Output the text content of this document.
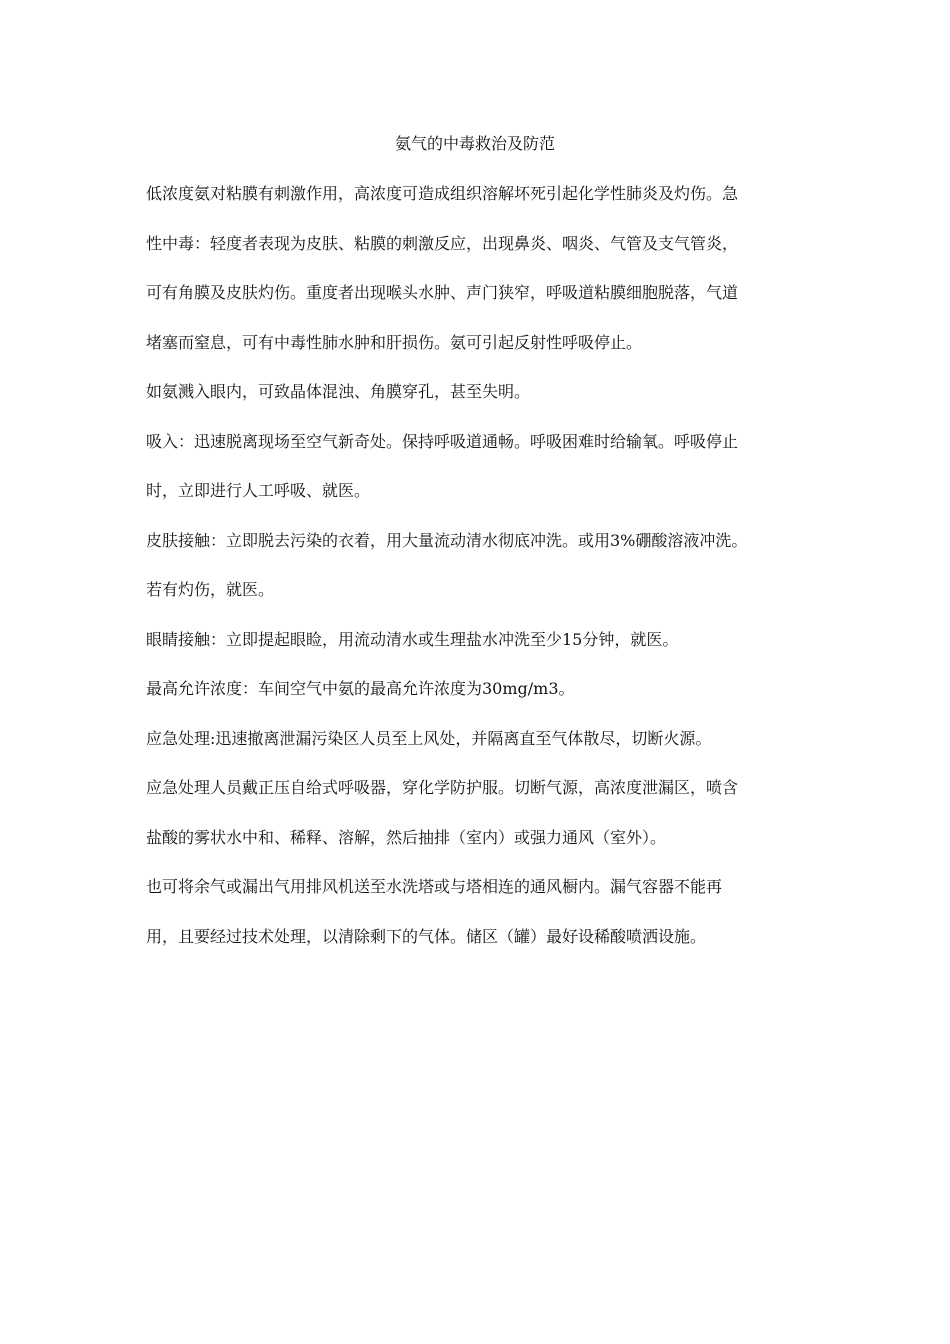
氨气的中毒救治及防范
低浓度氨对粘膜有刺激作用，高浓度可造成组织溶解坏死引起化学性肺炎及灼伤。急
性中毒：轻度者表现为皮肤、粘膜的刺激反应，出现鼻炎、咽炎、气管及支气管炎，
可有角膜及皮肤灼伤。重度者出现喉头水肿、声门狭窄，呼吸道粘膜细胞脱落，气道
堵塞而窒息，可有中毒性肺水肿和肝损伤。氨可引起反射性呼吸停止。
如氨溅入眼内，可致晶体混浊、角膜穿孔，甚至失明。
吸入：迅速脱离现场至空气新奇处。保持呼吸道通畅。呼吸困难时给输氧。呼吸停止
时，立即进行人工呼吸、就医。
皮肤接触：立即脱去污染的衣着，用大量流动清水彻底冲洗。或用3%硼酸溶液冲洗。
若有灼伤，就医。
眼睛接触：立即提起眼睑，用流动清水或生理盐水冲洗至少15分钟，就医。
最高允许浓度：车间空气中氨的最高允许浓度为30mg/m3。
应急处理:迅速撤离泄漏污染区人员至上风处，并隔离直至气体散尽，切断火源。
应急处理人员戴正压自给式呼吸器，穿化学防护服。切断气源，高浓度泄漏区，喷含
盐酸的雾状水中和、稀释、溶解，然后抽排（室内）或强力通风（室外）。
也可将余气或漏出气用排风机送至水洗塔或与塔相连的通风橱内。漏气容器不能再
用，且要经过技术处理，以清除剩下的气体。储区（罐）最好设稀酸喷洒设施。
